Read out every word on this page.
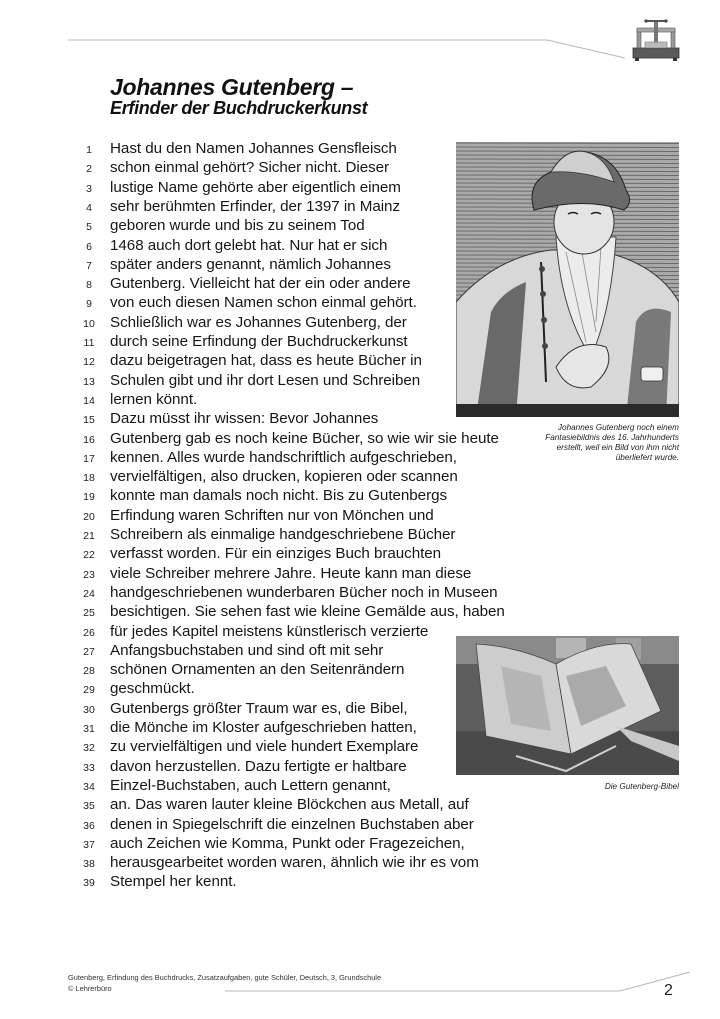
Johannes Gutenberg –
Erfinder der Buchdruckerkunst
1	Hast du den Namen Johannes Gensfleisch
2	schon einmal gehört? Sicher nicht. Dieser
3	lustige Name gehörte aber eigentlich einem
4	sehr berühmten Erfinder, der 1397 in Mainz
5	geboren wurde und bis zu seinem Tod
6	1468 auch dort gelebt hat. Nur hat er sich
7	später anders genannt, nämlich Johannes
8	Gutenberg. Vielleicht hat der ein oder andere
9	von euch diesen Namen schon einmal gehört.
10 Schließlich war es Johannes Gutenberg, der
11	durch seine Erfindung der Buchdruckerkunst
12 dazu beigetragen hat, dass es heute Bücher in
13 Schulen gibt und ihr dort Lesen und Schreiben
14 lernen könnt.
15 Dazu müsst ihr wissen: Bevor Johannes
16 Gutenberg gab es noch keine Bücher, so wie wir sie heute
17 kennen. Alles wurde handschriftlich aufgeschrieben,
18 vervielfältigen, also drucken, kopieren oder scannen
19 konnte man damals noch nicht. Bis zu Gutenbergs
20 Erfindung waren Schriften nur von Mönchen und
21 Schreibern als einmalige handgeschriebene Bücher
22 verfasst worden. Für ein einziges Buch brauchten
23 viele Schreiber mehrere Jahre. Heute kann man diese
24 handgeschriebenen wunderbaren Bücher noch in Museen
25 besichtigen. Sie sehen fast wie kleine Gemälde aus, haben
26 für jedes Kapitel meistens künstlerisch verzierte
27 Anfangsbuchstaben und sind oft mit sehr
28 schönen Ornamenten an den Seitenrändern
29 geschmückt.
30 Gutenbergs größter Traum war es, die Bibel,
31 die Mönche im Kloster aufgeschrieben hatten,
32 zu vervielfältigen und viele hundert Exemplare
33 davon herzustellen. Dazu fertigte er haltbare
34 Einzel-Buchstaben, auch Lettern genannt,
35 an. Das waren lauter kleine Blöckchen aus Metall, auf
36 denen in Spiegelschrift die einzelnen Buchstaben aber
37 auch Zeichen wie Komma, Punkt oder Fragezeichen,
38 herausgearbeitet worden waren, ähnlich wie ihr es vom
39 Stempel her kennt.
Johannes Gutenberg noch einem
Fantasiebildnis des 16. Jahrhunderts
erstellt, weil ein Bild von ihm nicht
überliefert wurde.
Die Gutenberg-Bibel
Gutenberg, Erfindung des Buchdrucks, Zusatzaufgaben, gute Schüler, Deutsch, 3, Grundschule
© Lehrerbüro	2
